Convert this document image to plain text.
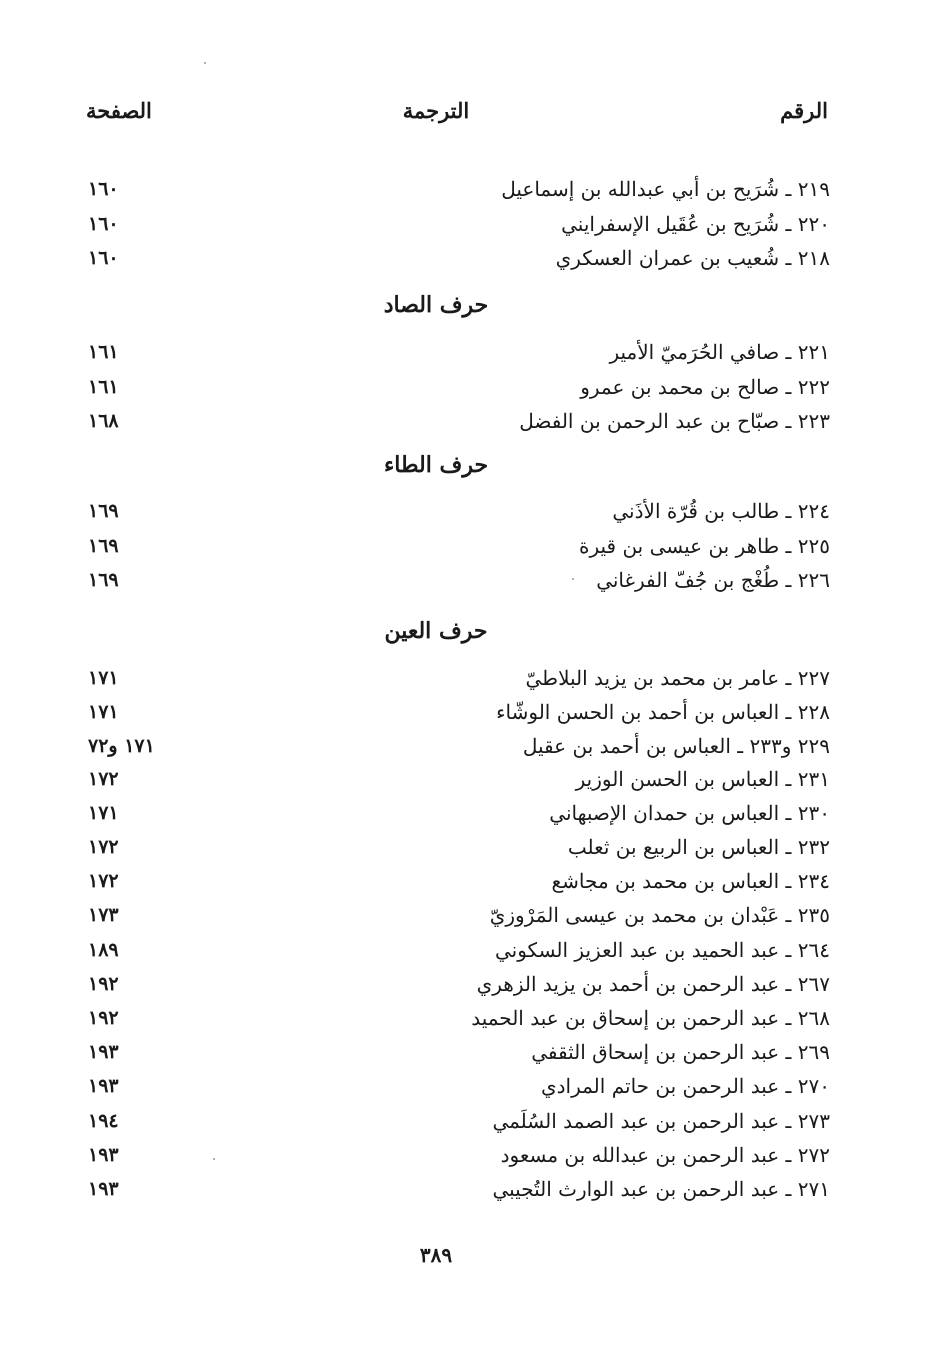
الرقم
الترجمة
الصفحة
٢١٩ ـ شُرَيح بن أبي عبدالله بن إسماعيل
١٦٠
٢٢٠ ـ شُرَيح بن عُقَيل الإسفرايني
١٦٠
٢١٨ ـ شُعيب بن عمران العسكري
١٦٠
حرف الصاد
٢٢١ ـ صافي الحُرَميّ الأمير
١٦١
٢٢٢ ـ صالح بن محمد بن عمرو
١٦١
٢٢٣ ـ صبّاح بن عبد الرحمن بن الفضل
١٦٨
حرف الطاء
٢٢٤ ـ طالب بن قُرّة الأذَني
١٦٩
٢٢٥ ـ طاهر بن عيسى بن قيرة
١٦٩
٢٢٦ ـ طُغْج بن جُفّ الفرغاني
١٦٩
حرف العين
٢٢٧ ـ عامر بن محمد بن يزيد البلاطيّ
١٧١
٢٢٨ ـ العباس بن أحمد بن الحسن الوشّاء
١٧١
٢٢٩ و٢٣٣ ـ العباس بن أحمد بن عقيل
١٧١ و٧٢
٢٣١ ـ العباس بن الحسن الوزير
١٧٢
٢٣٠ ـ العباس بن حمدان الإصبهاني
١٧١
٢٣٢ ـ العباس بن الربيع بن ثعلب
١٧٢
٢٣٤ ـ العباس بن محمد بن مجاشع
١٧٢
٢٣٥ ـ عَبْدان بن محمد بن عيسى المَرْوزيّ
١٧٣
٢٦٤ ـ عبد الحميد بن عبد العزيز السكوني
١٨٩
٢٦٧ ـ عبد الرحمن بن أحمد بن يزيد الزهري
١٩٢
٢٦٨ ـ عبد الرحمن بن إسحاق بن عبد الحميد
١٩٢
٢٦٩ ـ عبد الرحمن بن إسحاق الثقفي
١٩٣
٢٧٠ ـ عبد الرحمن بن حاتم المرادي
١٩٣
٢٧٣ ـ عبد الرحمن بن عبد الصمد السُلَمي
١٩٤
٢٧٢ ـ عبد الرحمن بن عبدالله بن مسعود
١٩٣
٢٧١ ـ عبد الرحمن بن عبد الوارث التُجيبي
١٩٣
٣٨٩
